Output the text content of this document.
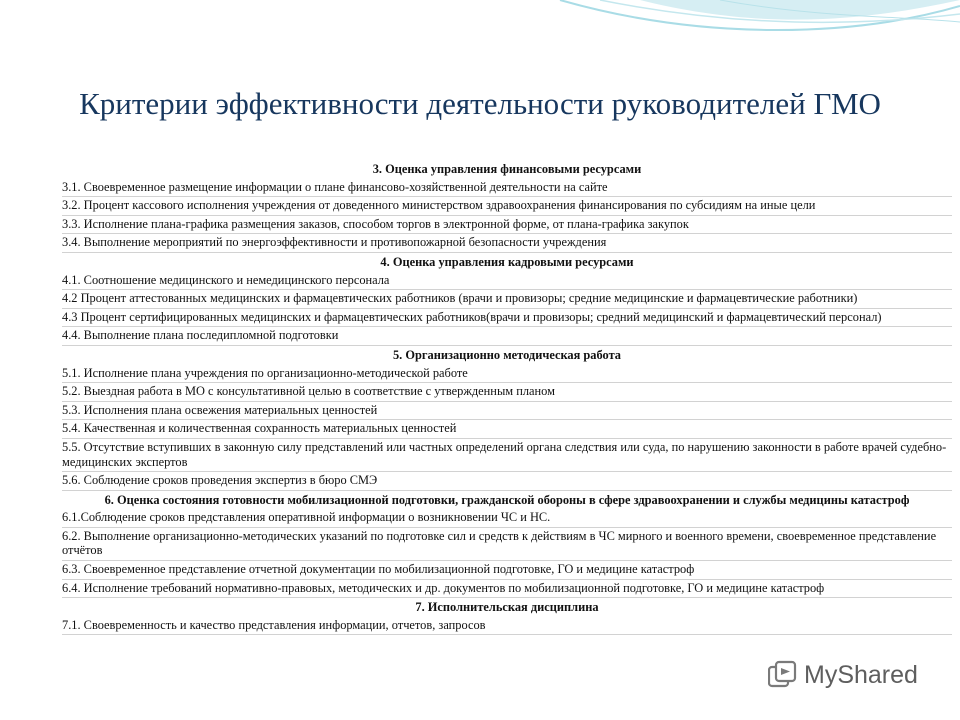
Критерии эффективности деятельности руководителей ГМО
3. Оценка управления финансовыми ресурсами
3.1. Своевременное размещение информации о плане финансово-хозяйственной деятельности на сайте
3.2. Процент кассового исполнения учреждения от доведенного министерством здравоохранения финансирования по субсидиям на иные цели
3.3. Исполнение плана-графика размещения заказов, способом торгов в электронной форме, от плана-графика закупок
3.4. Выполнение мероприятий по энергоэффективности и противопожарной безопасности учреждения
4. Оценка управления кадровыми ресурсами
4.1. Соотношение медицинского и немедицинского персонала
4.2 Процент аттестованных медицинских и фармацевтических работников (врачи и провизоры; средние медицинские и фармацевтические работники)
4.3 Процент сертифицированных медицинских и фармацевтических работников(врачи и провизоры; средний медицинский и фармацевтический персонал)
4.4. Выполнение плана последипломной подготовки
5. Организационно методическая работа
5.1. Исполнение плана учреждения по организационно-методической работе
5.2. Выездная работа в МО с консультативной целью в соответствие с утвержденным планом
5.3. Исполнения плана освежения материальных ценностей
5.4. Качественная и количественная сохранность материальных ценностей
5.5. Отсутствие вступивших в законную силу представлений или частных определений органа следствия или суда, по нарушению законности в работе врачей судебно-медицинских экспертов
5.6. Соблюдение сроков проведения экспертиз в бюро СМЭ
6. Оценка состояния готовности мобилизационной подготовки, гражданской обороны в сфере здравоохранении и службы медицины катастроф
6.1.Соблюдение сроков представления оперативной информации о возникновении ЧС и НС.
6.2. Выполнение организационно-методических указаний по подготовке сил и средств к действиям в ЧС мирного и военного времени, своевременное представление отчётов
6.3. Своевременное представление отчетной документации по мобилизационной подготовке, ГО и медицине катастроф
6.4. Исполнение требований нормативно-правовых, методических и др. документов по мобилизационной подготовке, ГО и медицине катастроф
7. Исполнительская дисциплина
7.1. Своевременность и качество представления информации, отчетов, запросов
MyShared
